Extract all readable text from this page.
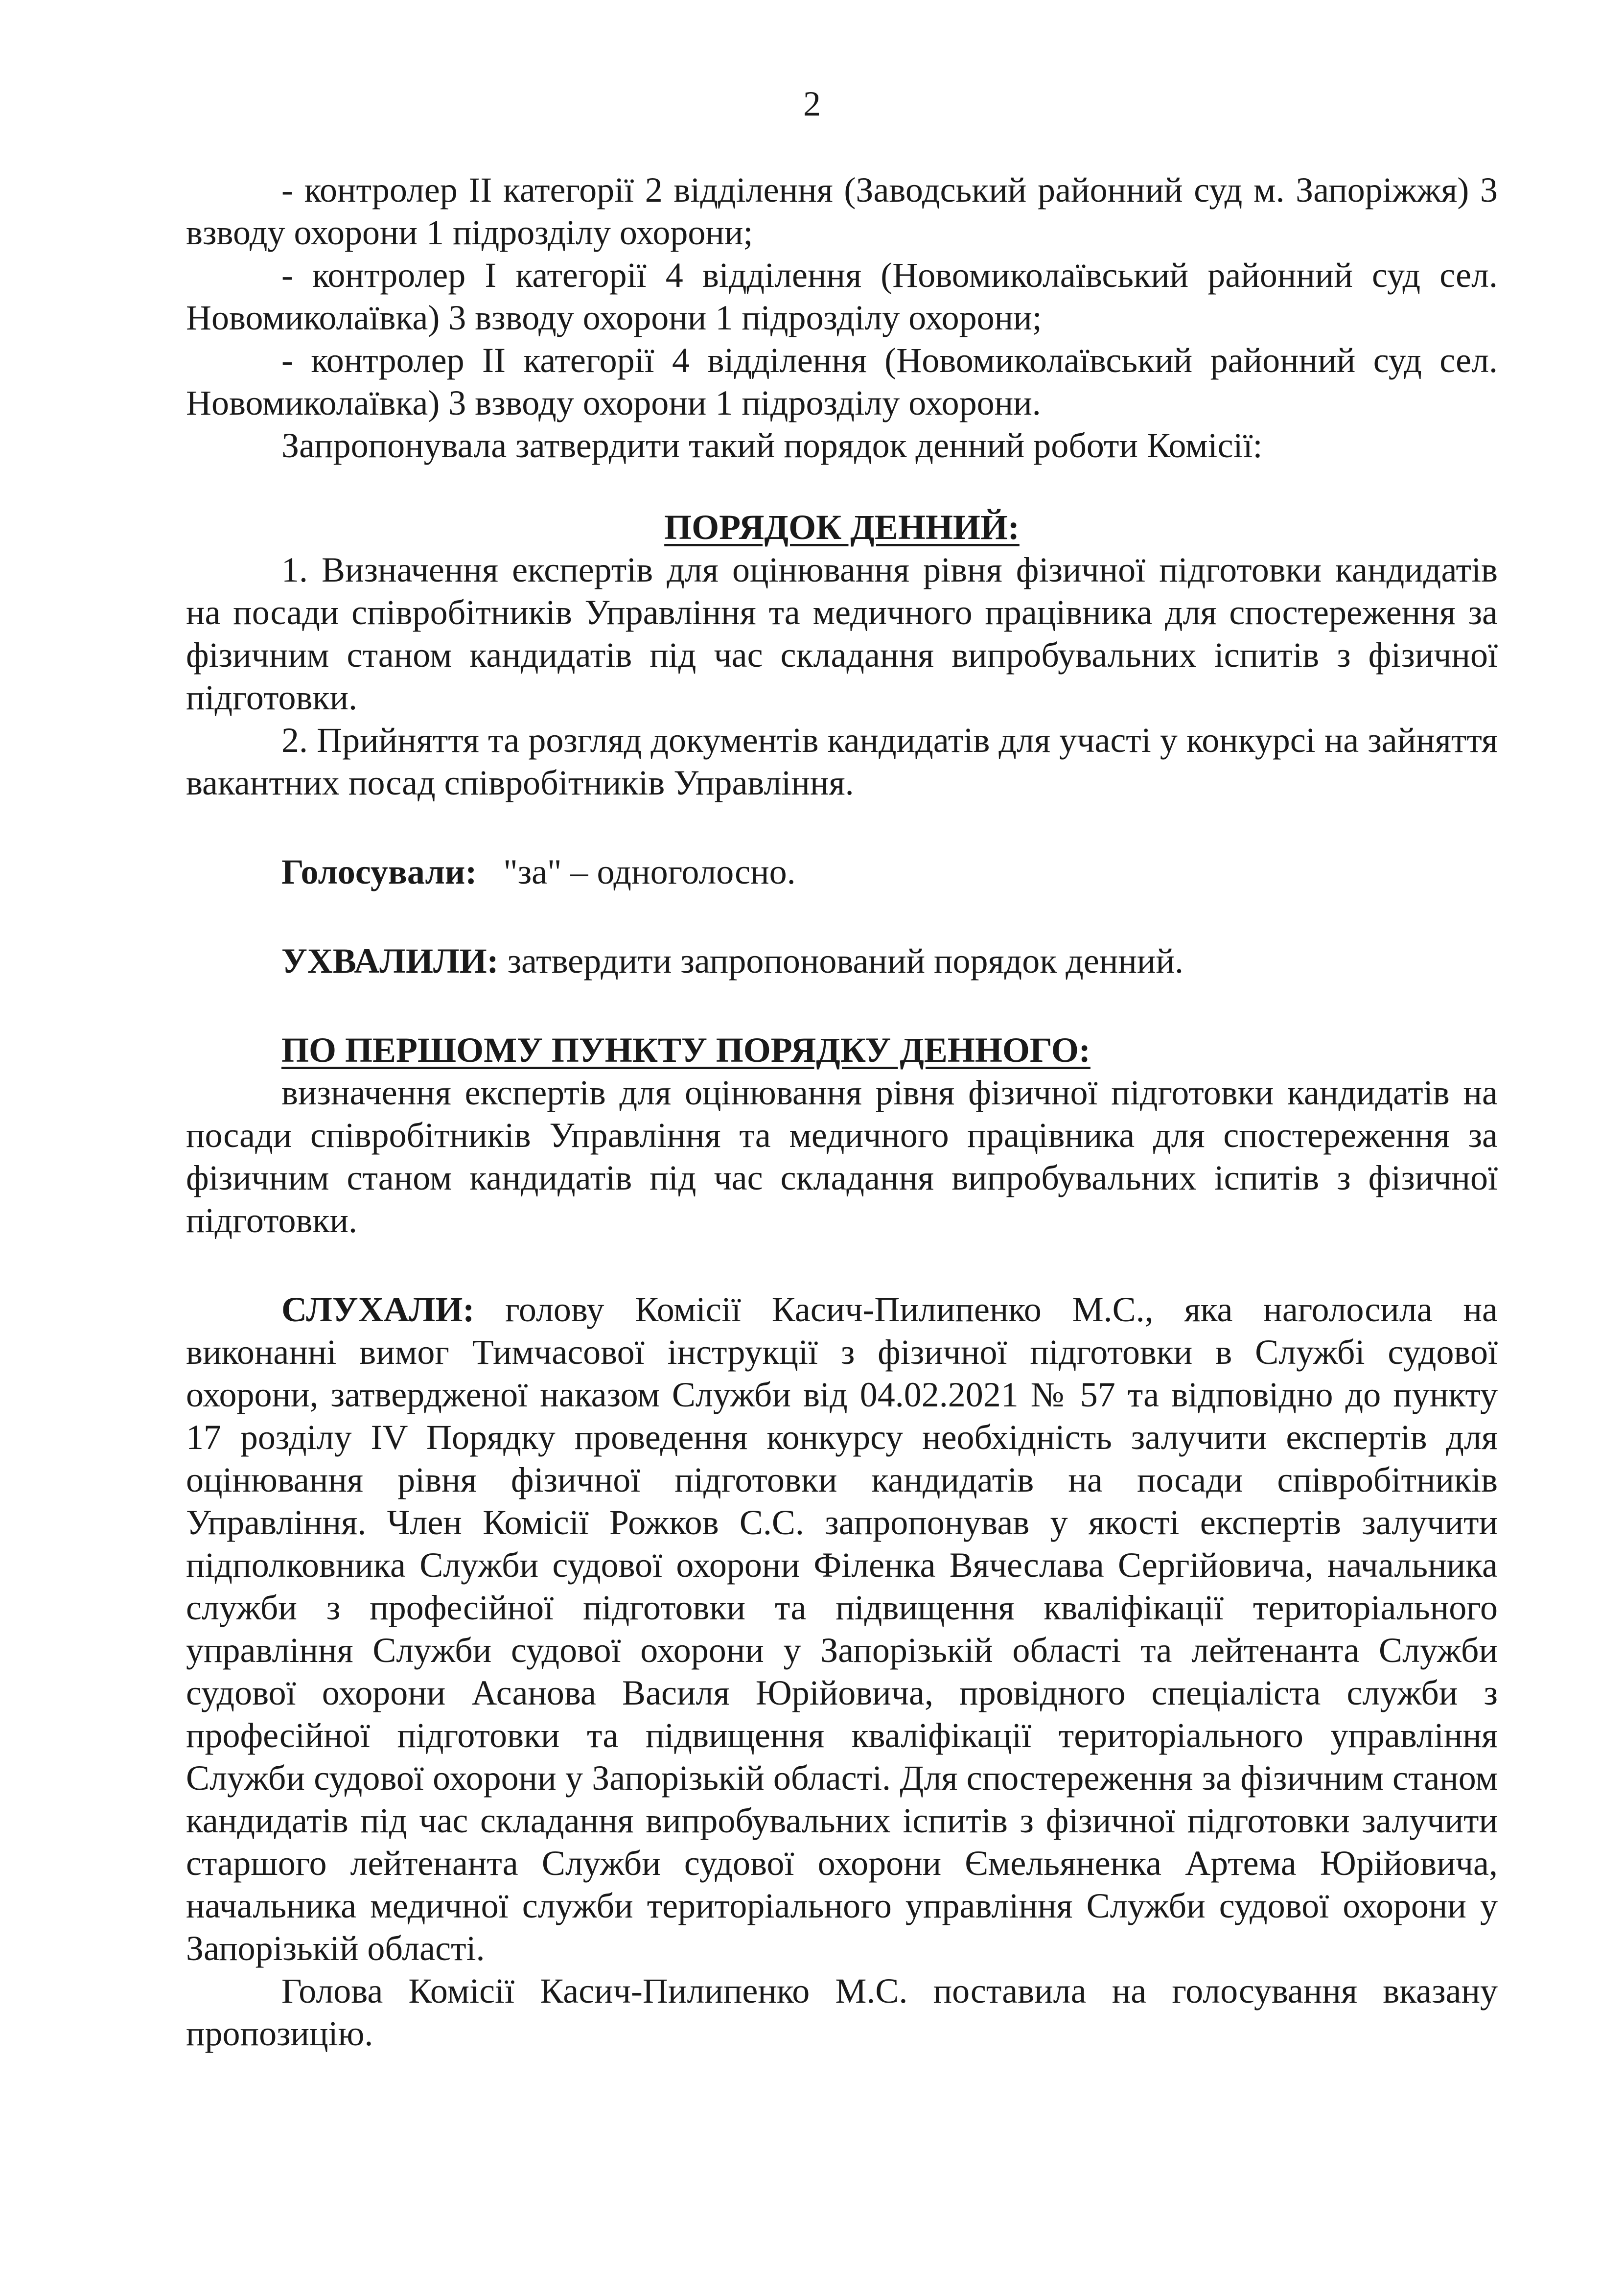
2

- контролер ІІ категорії 2 відділення (Заводський районний суд м. Запоріжжя) 3 взводу охорони 1 підрозділу охорони;

- контролер І категорії 4 відділення (Новомиколаївський районний суд сел. Новомиколаївка) 3 взводу охорони 1 підрозділу охорони;

- контролер ІІ категорії 4 відділення (Новомиколаївський районний суд сел. Новомиколаївка) 3 взводу охорони 1 підрозділу охорони.

Запропонувала затвердити такий порядок денний роботи Комісії:

ПОРЯДОК ДЕННИЙ:

1. Визначення експертів для оцінювання рівня фізичної підготовки кандидатів на посади співробітників Управління та медичного працівника для спостереження за фізичним станом кандидатів під час складання випробувальних іспитів з фізичної підготовки.

2. Прийняття та розгляд документів кандидатів для участі у конкурсі на зайняття вакантних посад співробітників Управління.

Голосували: "за" – одноголосно.

УХВАЛИЛИ: затвердити запропонований порядок денний.

ПО ПЕРШОМУ ПУНКТУ ПОРЯДКУ ДЕННОГО:

визначення експертів для оцінювання рівня фізичної підготовки кандидатів на посади співробітників Управління та медичного працівника для спостереження за фізичним станом кандидатів під час складання випробувальних іспитів з фізичної підготовки.

СЛУХАЛИ: голову Комісії Касич-Пилипенко М.С., яка наголосила на виконанні вимог Тимчасової інструкції з фізичної підготовки в Службі судової охорони, затвердженої наказом Служби від 04.02.2021 № 57 та відповідно до пункту 17 розділу IV Порядку проведення конкурсу необхідність залучити експертів для оцінювання рівня фізичної підготовки кандидатів на посади співробітників Управління. Член Комісії Рожков С.С. запропонував у якості експертів залучити підполковника Служби судової охорони Філенка Вячеслава Сергійовича, начальника служби з професійної підготовки та підвищення кваліфікації територіального управління Служби судової охорони у Запорізькій області та лейтенанта Служби судової охорони Асанова Василя Юрійовича, провідного спеціаліста служби з професійної підготовки та підвищення кваліфікації територіального управління Служби судової охорони у Запорізькій області. Для спостереження за фізичним станом кандидатів під час складання випробувальних іспитів з фізичної підготовки залучити старшого лейтенанта Служби судової охорони Ємельяненка Артема Юрійовича, начальника медичної служби територіального управління Служби судової охорони у Запорізькій області.

Голова Комісії Касич-Пилипенко М.С. поставила на голосування вказану пропозицію.
